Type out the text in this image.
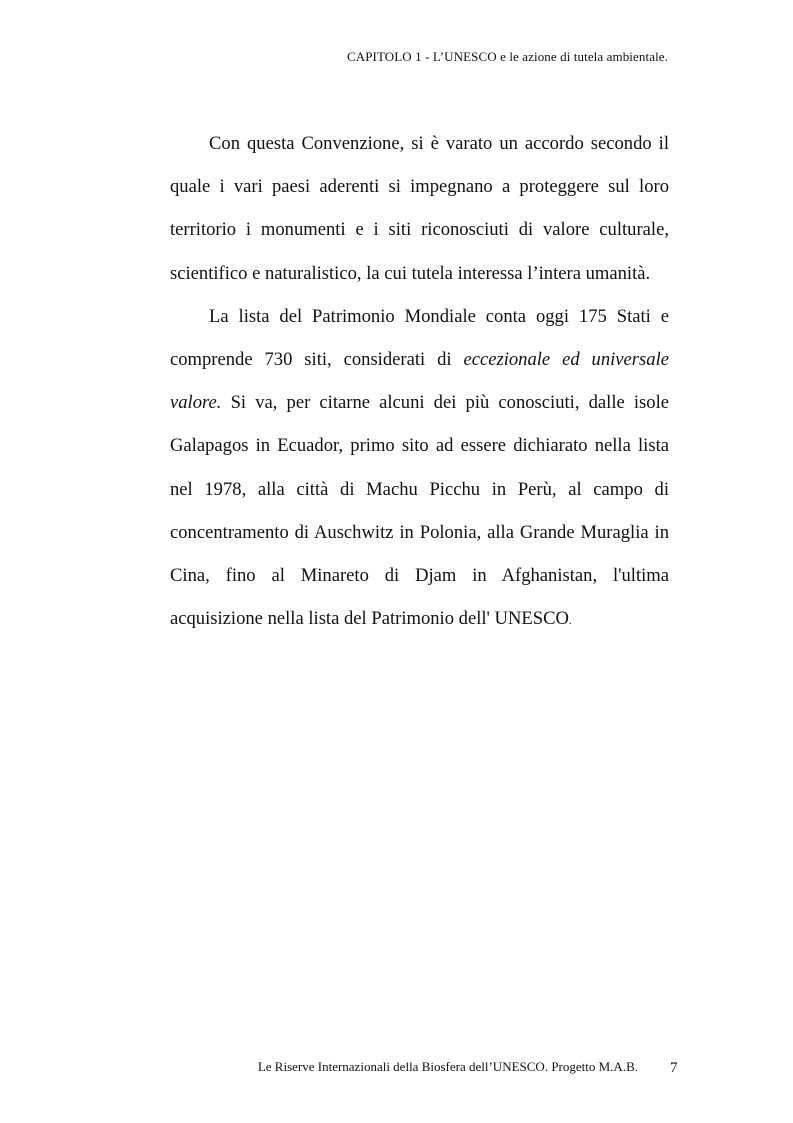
CAPITOLO 1 - L’UNESCO e le azione di tutela ambientale.

Con questa Convenzione, si è varato un accordo secondo il quale i vari paesi aderenti si impegnano a proteggere sul loro territorio i monumenti e i siti riconosciuti di valore culturale, scientifico e naturalistico, la cui tutela interessa l’intera umanità.

La lista del Patrimonio Mondiale conta oggi 175 Stati e comprende 730 siti, considerati di eccezionale ed universale valore. Si va, per citarne alcuni dei più conosciuti, dalle isole Galapagos in Ecuador, primo sito ad essere dichiarato nella lista nel 1978, alla città di Machu Picchu in Perù, al campo di concentramento di Auschwitz in Polonia, alla Grande Muraglia in Cina, fino al Minareto di Djam in Afghanistan, l'ultima acquisizione nella lista del Patrimonio dell' UNESCO.

Le Riserve Internazionali della Biosfera dell’UNESCO. Progetto M.A.B. 7
